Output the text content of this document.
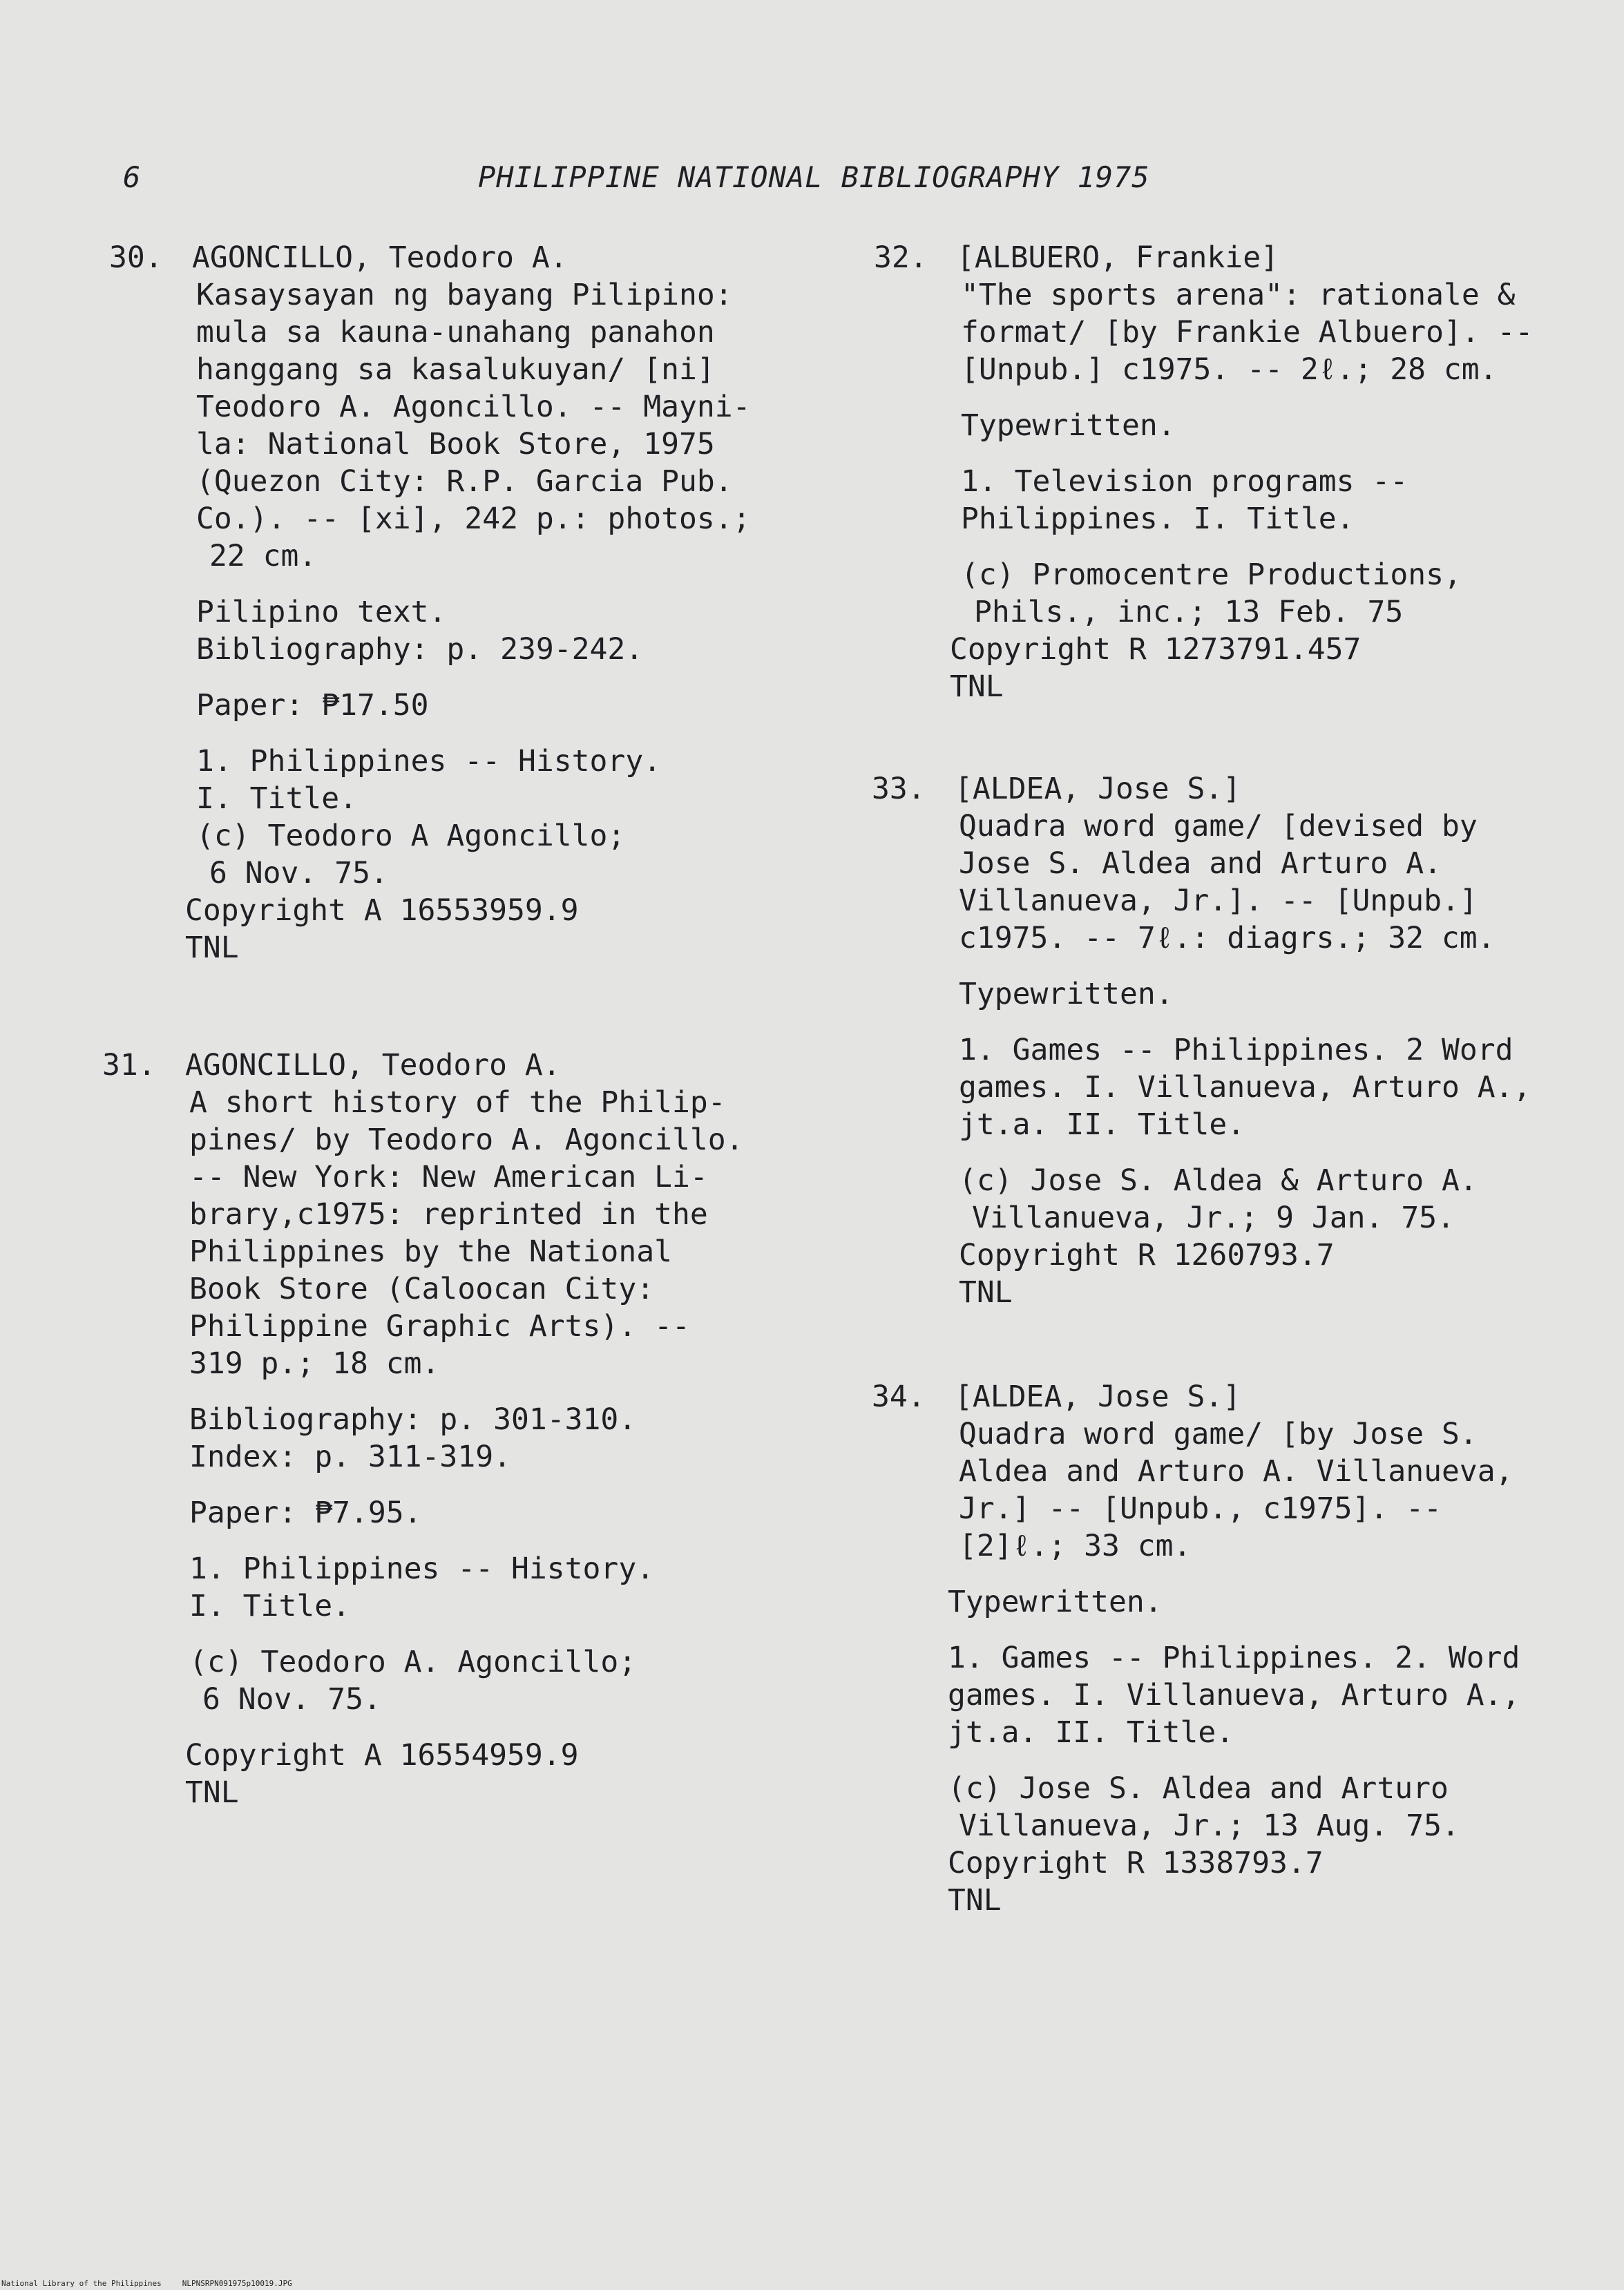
6	PHILIPPINE NATIONAL BIBLIOGRAPHY 1975
30. AGONCILLO, Teodoro A.
Kasaysayan ng bayang Pilipino:
mula sa kauna-unahang panahon
hanggang sa kasalukuyan/ [ni]
Teodoro A. Agoncillo. -- Mayni-
la: National Book Store, 1975
(Quezon City: R.P. Garcia Pub.
Co.). -- [xi], 242 p.: photos.;
22 cm.
Pilipino text.
Bibliography: p. 239-242.
Paper: ₱17.50
1. Philippines -- History.
I. Title.
(c) Teodoro A Agoncillo;
6 Nov. 75.
Copyright A 16553959.9
TNL
31. AGONCILLO, Teodoro A.
A short history of the Philip-
pines/ by Teodoro A. Agoncillo.
-- New York: New American Li-
brary,c1975: reprinted in the
Philippines by the National
Book Store (Caloocan City:
Philippine Graphic Arts). --
319 p.; 18 cm.
Bibliography: p. 301-310.
Index: p. 311-319.
Paper: ₱7.95.
1. Philippines -- History.
I. Title.
(c) Teodoro A. Agoncillo;
6 Nov. 75.
Copyright A 16554959.9
TNL
32. [ALBUERO, Frankie]
"The sports arena": rationale &
format/ [by Frankie Albuero]. --
[Unpub.] c1975. -- 2ℓ.; 28 cm.
Typewritten.
1. Television programs --
Philippines. I. Title.
(c) Promocentre Productions,
Phils., inc.; 13 Feb. 75
Copyright R 1273791.457
TNL
33. [ALDEA, Jose S.]
Quadra word game/ [devised by
Jose S. Aldea and Arturo A.
Villanueva, Jr.]. -- [Unpub.]
c1975. -- 7ℓ.: diagrs.; 32 cm.
Typewritten.
1. Games -- Philippines. 2 Word
games. I. Villanueva, Arturo A.,
jt.a. II. Title.
(c) Jose S. Aldea & Arturo A.
Villanueva, Jr.; 9 Jan. 75.
Copyright R 1260793.7
TNL
34. [ALDEA, Jose S.]
Quadra word game/ [by Jose S.
Aldea and Arturo A. Villanueva,
Jr.] -- [Unpub., c1975]. --
[2]ℓ.; 33 cm.
Typewritten.
1. Games -- Philippines. 2. Word
games. I. Villanueva, Arturo A.,
jt.a. II. Title.
(c) Jose S. Aldea and Arturo
Villanueva, Jr.; 13 Aug. 75.
Copyright R 1338793.7
TNL
National Library of the Philippines	NLPNSRPN091975p10019.JPG
